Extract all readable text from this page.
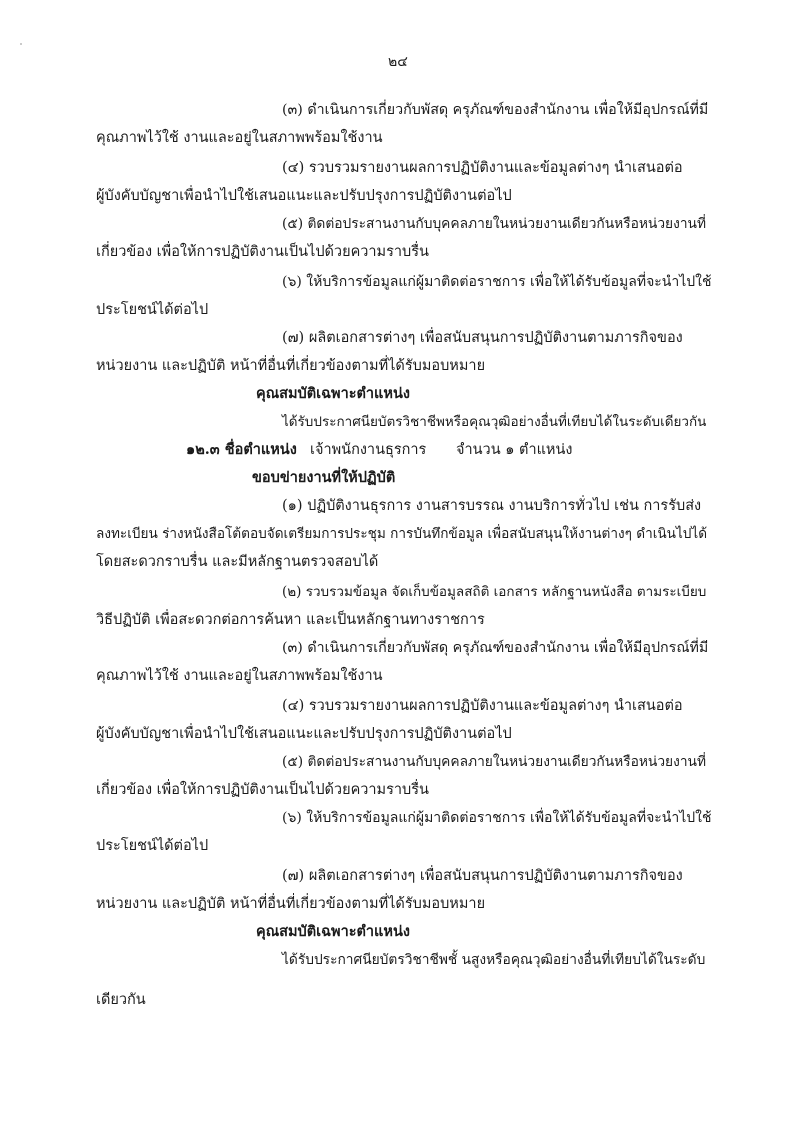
๒๔
(๓) ดำเนินการเกี่ยวกับพัสดุ ครุภัณฑ์ของสำนักงาน เพื่อให้มีอุปกรณ์ที่มี
คุณภาพไว้ใช้ งานและอยู่ในสภาพพร้อมใช้งาน
(๔) รวบรวมรายงานผลการปฏิบัติงานและข้อมูลต่างๆ นำเสนอต่อ
ผู้บังคับบัญชาเพื่อนำไปใช้เสนอแนะและปรับปรุงการปฏิบัติงานต่อไป
(๕) ติดต่อประสานงานกับบุคคลภายในหน่วยงานเดียวกันหรือหน่วยงานที่
เกี่ยวข้อง เพื่อให้การปฏิบัติงานเป็นไปด้วยความราบรื่น
(๖) ให้บริการข้อมูลแก่ผู้มาติดต่อราชการ เพื่อให้ได้รับข้อมูลที่จะนำไปใช้
ประโยชน์ได้ต่อไป
(๗) ผลิตเอกสารต่างๆ เพื่อสนับสนุนการปฏิบัติงานตามภารกิจของ
หน่วยงาน และปฏิบัติ หน้าที่อื่นที่เกี่ยวข้องตามที่ได้รับมอบหมาย
คุณสมบัติเฉพาะตำแหน่ง
ได้รับประกาศนียบัตรวิชาชีพหรือคุณวุฒิอย่างอื่นที่เทียบได้ในระดับเดียวกัน
๑๒.๓ ชื่อตำแหน่ง เจ้าพนักงานธุรการ จำนวน ๑ ตำแหน่ง
ขอบข่ายงานที่ให้ปฏิบัติ
(๑) ปฏิบัติงานธุรการ งานสารบรรณ งานบริการทั่วไป เช่น การรับส่ง
ลงทะเบียน ร่างหนังสือโต้ตอบจัดเตรียมการประชุม การบันทึกข้อมูล เพื่อสนับสนุนให้งานต่างๆ ดำเนินไปได้
โดยสะดวกราบรื่น และมีหลักฐานตรวจสอบได้
(๒) รวบรวมข้อมูล จัดเก็บข้อมูลสถิติ เอกสาร หลักฐานหนังสือ ตามระเบียบ
วิธีปฏิบัติ เพื่อสะดวกต่อการค้นหา และเป็นหลักฐานทางราชการ
(๓) ดำเนินการเกี่ยวกับพัสดุ ครุภัณฑ์ของสำนักงาน เพื่อให้มีอุปกรณ์ที่มี
คุณภาพไว้ใช้ งานและอยู่ในสภาพพร้อมใช้งาน
(๔) รวบรวมรายงานผลการปฏิบัติงานและข้อมูลต่างๆ นำเสนอต่อ
ผู้บังคับบัญชาเพื่อนำไปใช้เสนอแนะและปรับปรุงการปฏิบัติงานต่อไป
(๕) ติดต่อประสานงานกับบุคคลภายในหน่วยงานเดียวกันหรือหน่วยงานที่
เกี่ยวข้อง เพื่อให้การปฏิบัติงานเป็นไปด้วยความราบรื่น
(๖) ให้บริการข้อมูลแก่ผู้มาติดต่อราชการ เพื่อให้ได้รับข้อมูลที่จะนำไปใช้
ประโยชน์ได้ต่อไป
(๗) ผลิตเอกสารต่างๆ เพื่อสนับสนุนการปฏิบัติงานตามภารกิจของ
หน่วยงาน และปฏิบัติ หน้าที่อื่นที่เกี่ยวข้องตามที่ได้รับมอบหมาย
คุณสมบัติเฉพาะตำแหน่ง
ได้รับประกาศนียบัตรวิชาชีพชั้ นสูงหรือคุณวุฒิอย่างอื่นที่เทียบได้ในระดับ
เดียวกัน
